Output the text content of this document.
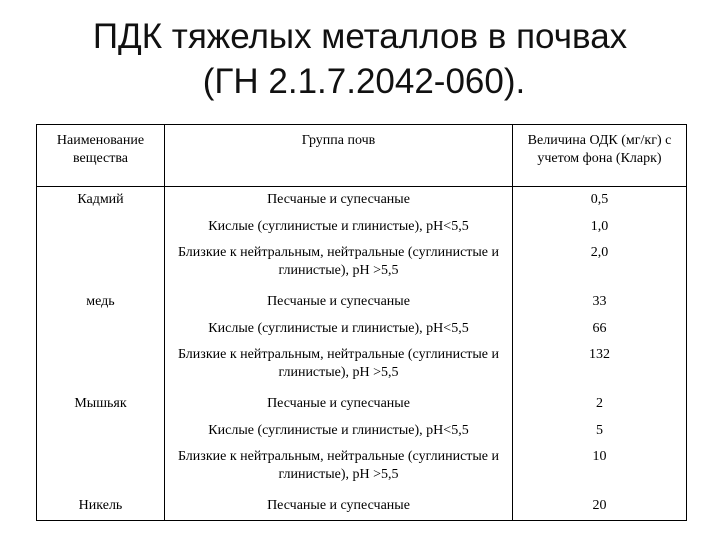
ПДК тяжелых металлов в почвах
(ГН 2.1.7.2042-060).
Наименование вещества	Группа почв	Величина ОДК (мг/кг) с учетом фона (Кларк)
Кадмий	Песчаные и супесчаные	0,5
	Кислые (суглинистые и глинистые), рН<5,5	1,0
	Близкие к нейтральным, нейтральные (суглинистые и глинистые), рН >5,5	2,0
медь	Песчаные и супесчаные	33
	Кислые (суглинистые и глинистые), рН<5,5	66
	Близкие к нейтральным, нейтральные (суглинистые и глинистые), рН >5,5	132
Мышьяк	Песчаные и супесчаные	2
	Кислые (суглинистые и глинистые), рН<5,5	5
	Близкие к нейтральным, нейтральные (суглинистые и глинистые), рН >5,5	10
Никель	Песчаные и супесчаные	20
